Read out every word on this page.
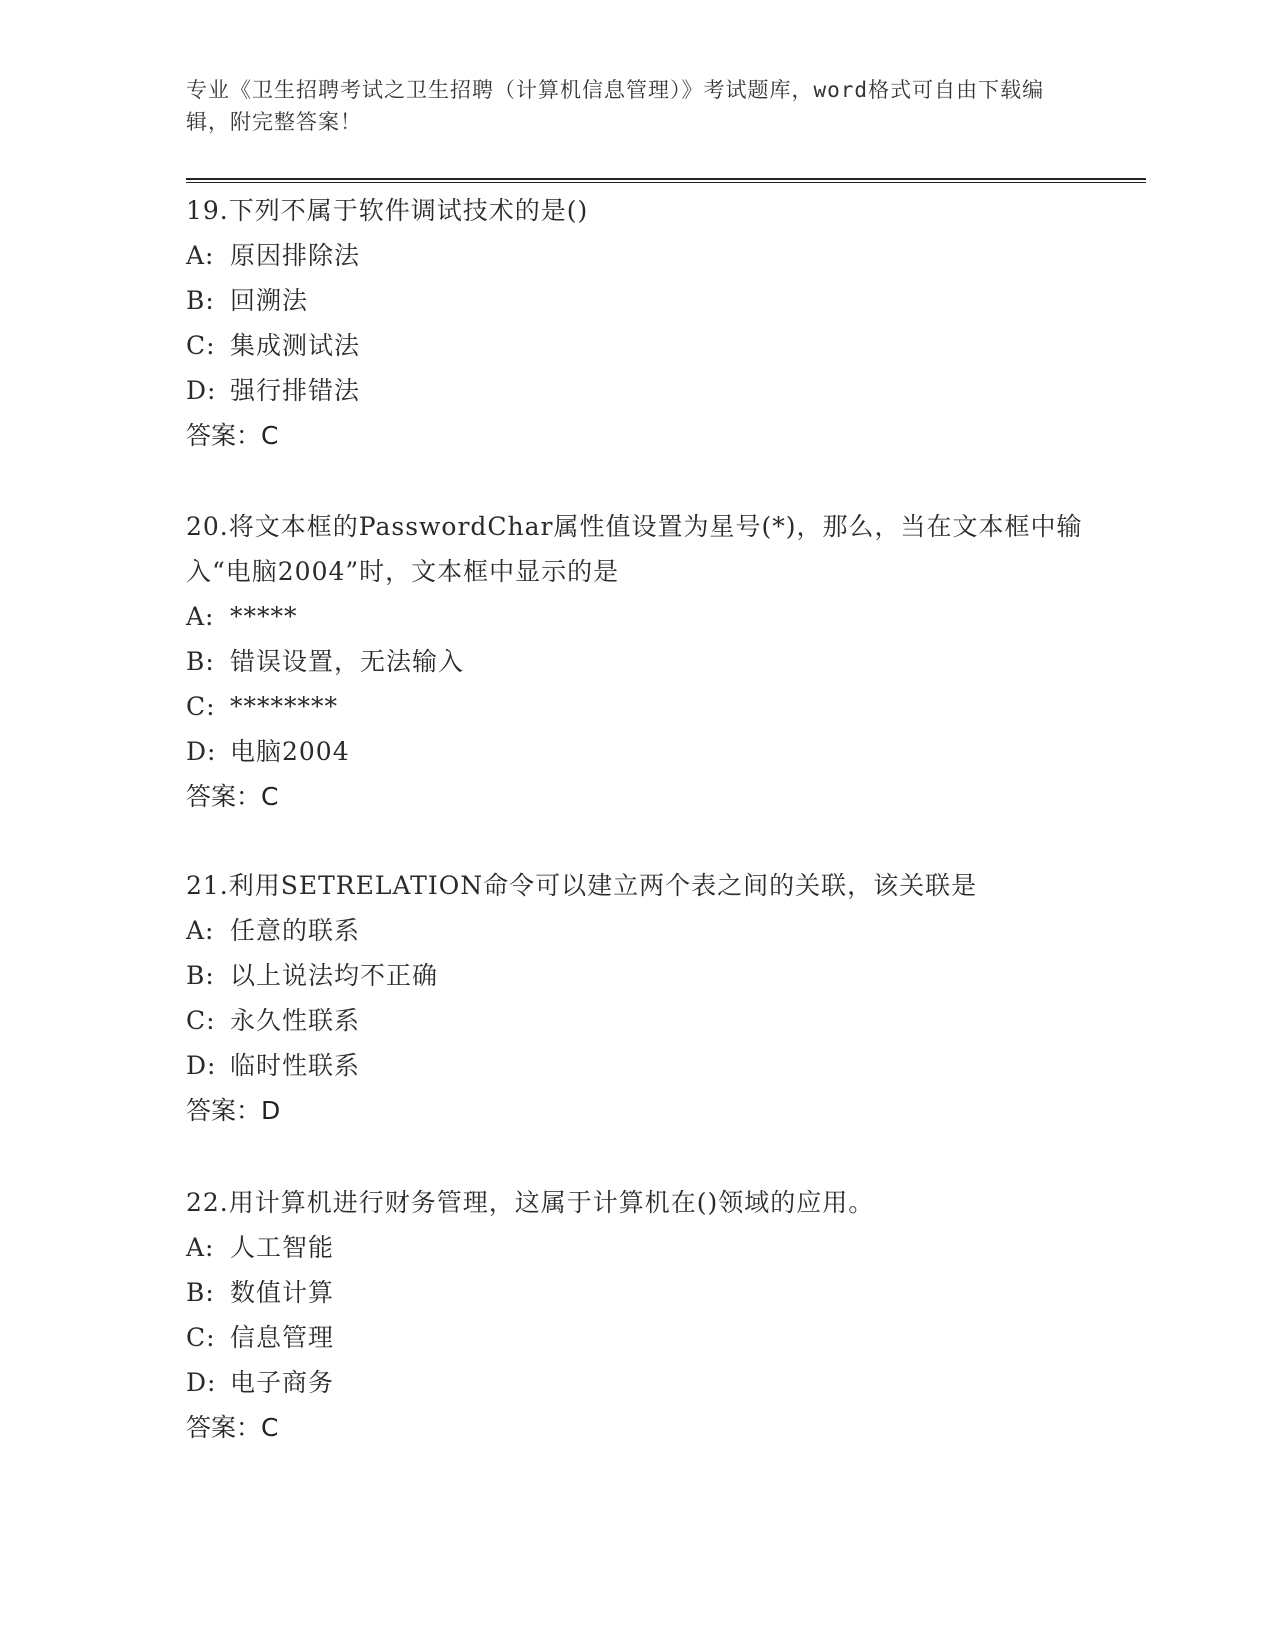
专业《卫生招聘考试之卫生招聘（计算机信息管理）》考试题库，word格式可自由下载编辑，附完整答案！
19.下列不属于软件调试技术的是()
A: 原因排除法
B: 回溯法
C: 集成测试法
D: 强行排错法
答案：C
20.将文本框的PasswordChar属性值设置为星号(*)，那么，当在文本框中输入“电脑2004”时，文本框中显示的是
A: *****
B: 错误设置，无法输入
C: ********
D: 电脑2004
答案：C
21.利用SETRELATION命令可以建立两个表之间的关联，该关联是
A: 任意的联系
B: 以上说法均不正确
C: 永久性联系
D: 临时性联系
答案：D
22.用计算机进行财务管理，这属于计算机在()领域的应用。
A: 人工智能
B: 数值计算
C: 信息管理
D: 电子商务
答案：C
